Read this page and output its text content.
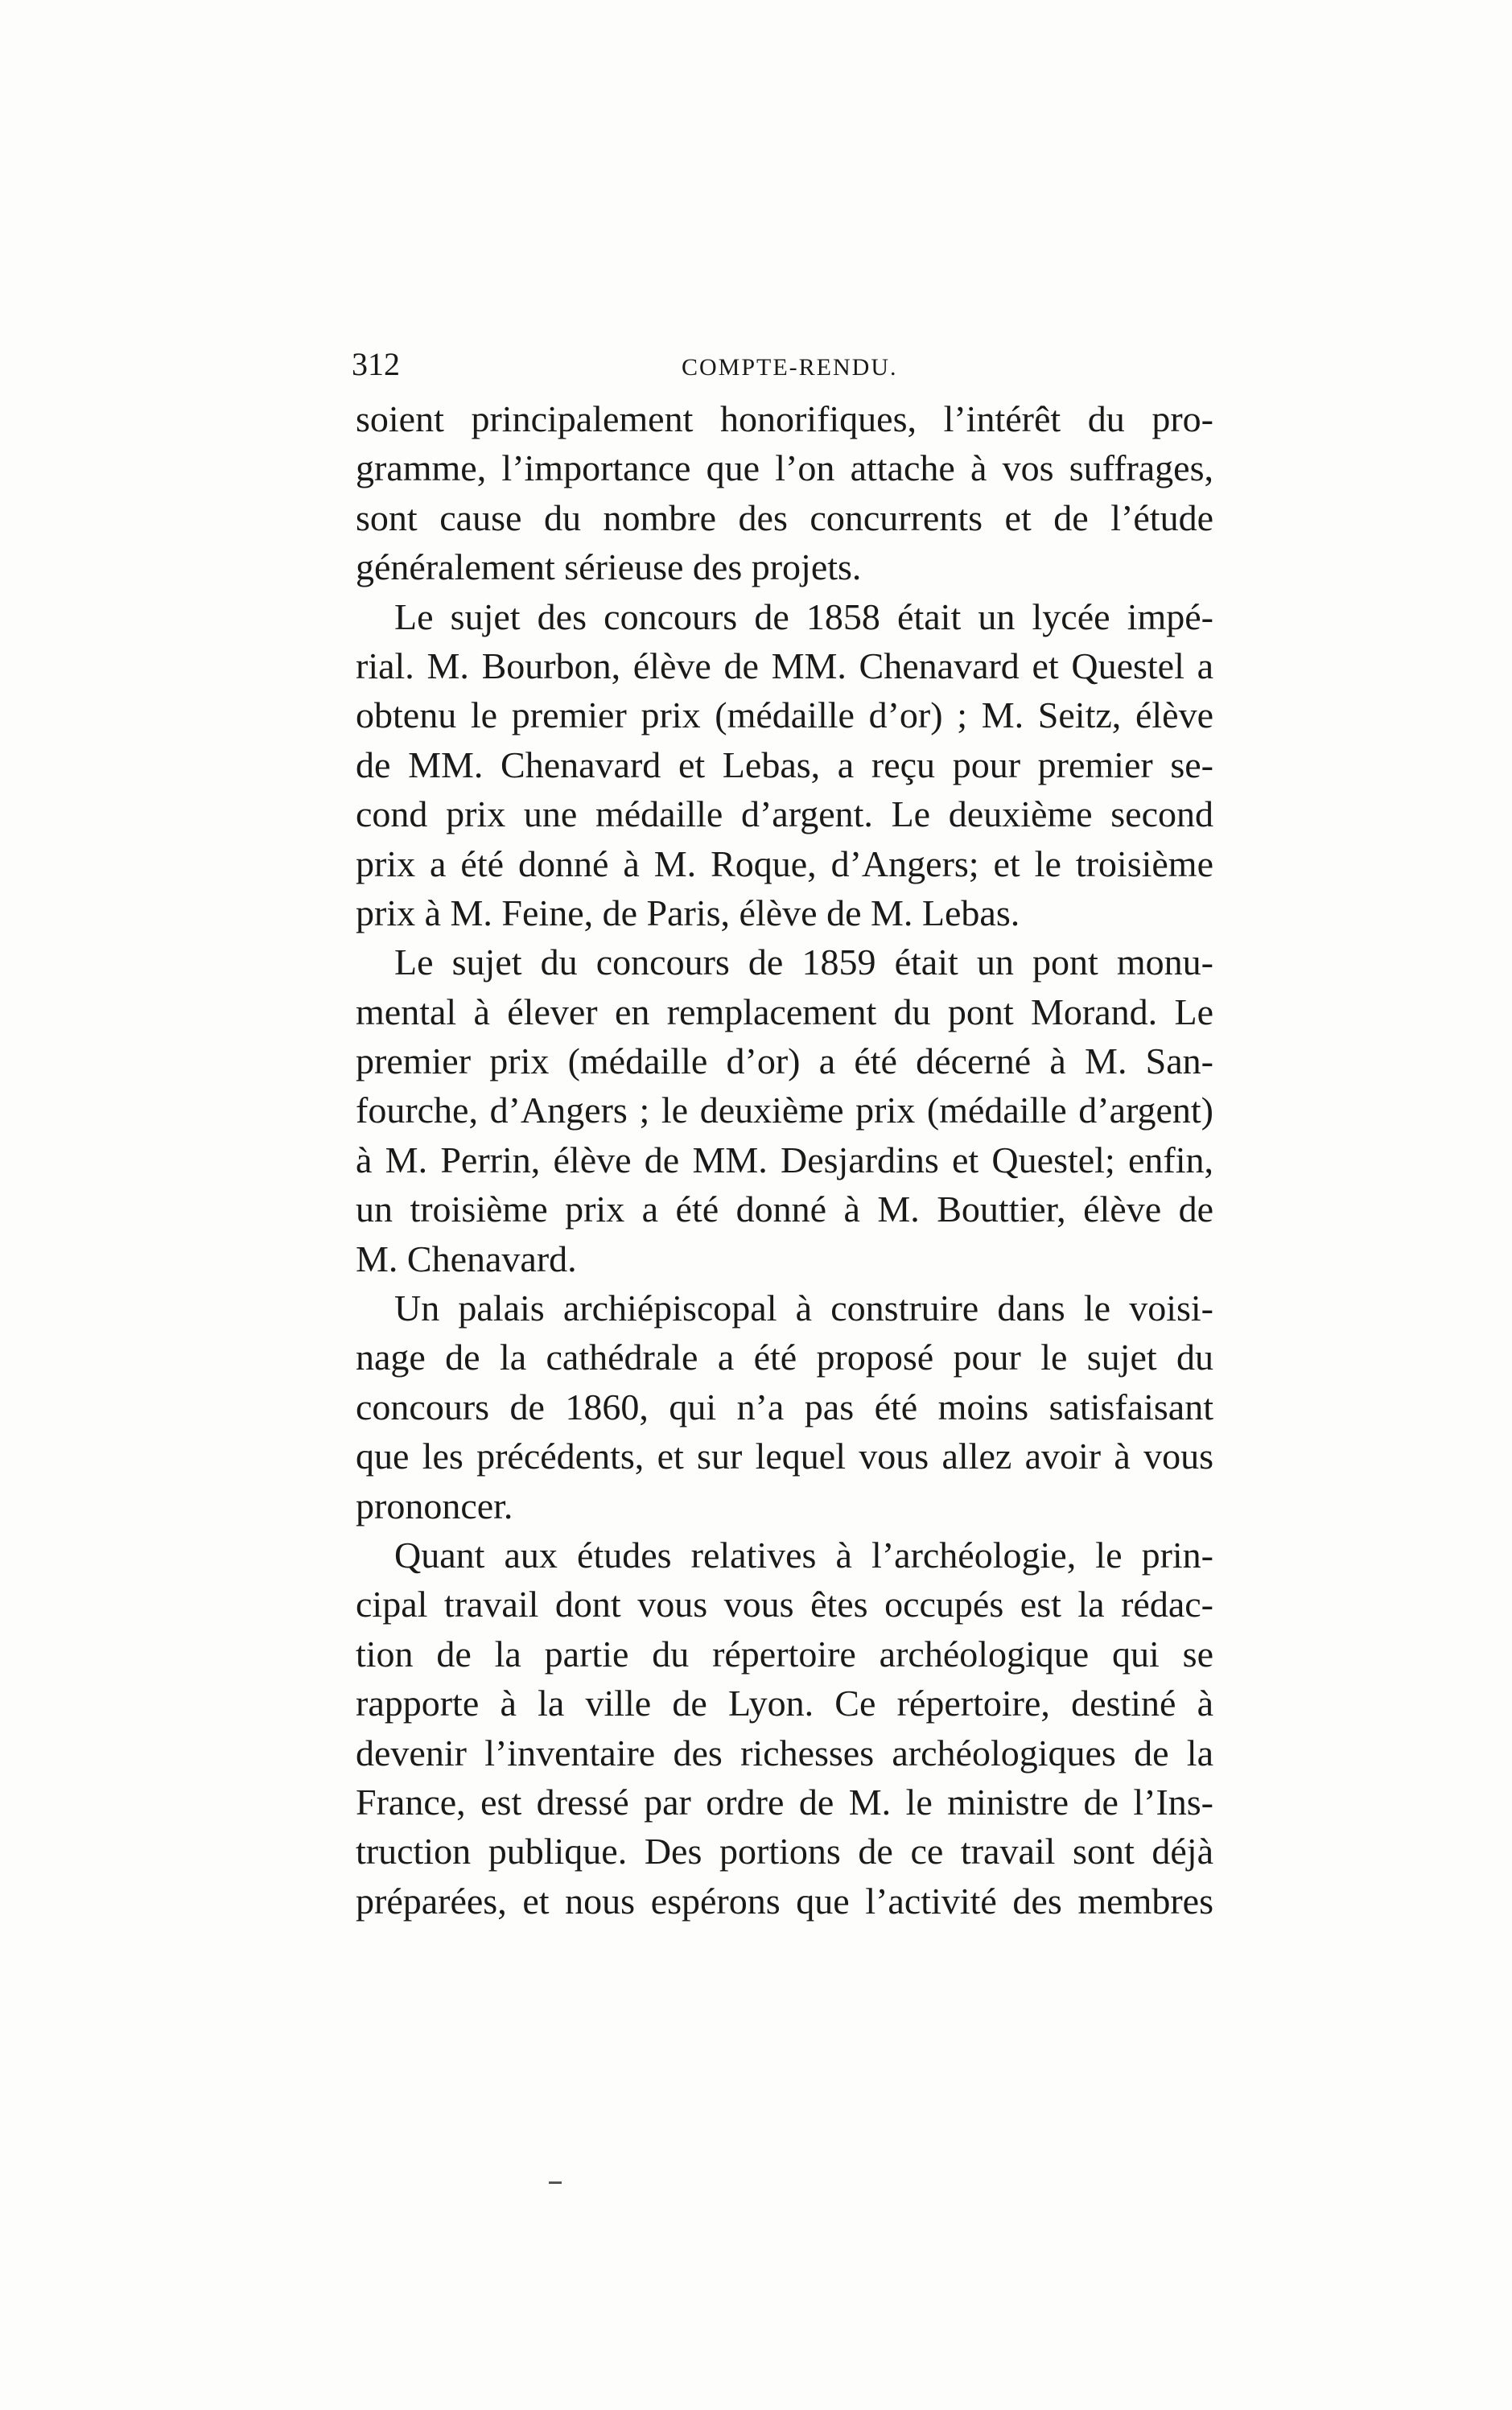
312	COMPTE-RENDU.
soient principalement honorifiques, l’intérêt du pro-
gramme, l’importance que l’on attache à vos suffrages,
sont cause du nombre des concurrents et de l’étude
généralement sérieuse des projets.
Le sujet des concours de 1858 était un lycée impé-
rial. M. Bourbon, élève de MM. Chenavard et Questel a
obtenu le premier prix (médaille d’or) ; M. Seitz, élève
de MM. Chenavard et Lebas, a reçu pour premier se-
cond prix une médaille d’argent. Le deuxième second
prix a été donné à M. Roque, d’Angers; et le troisième
prix à M. Feine, de Paris, élève de M. Lebas.
Le sujet du concours de 1859 était un pont monu-
mental à élever en remplacement du pont Morand. Le
premier prix (médaille d’or) a été décerné à M. San-
fourche, d’Angers ; le deuxième prix (médaille d’argent)
à M. Perrin, élève de MM. Desjardins et Questel; enfin,
un troisième prix a été donné à M. Bouttier, élève de
M. Chenavard.
Un palais archiépiscopal à construire dans le voisi-
nage de la cathédrale a été proposé pour le sujet du
concours de 1860, qui n’a pas été moins satisfaisant
que les précédents, et sur lequel vous allez avoir à vous
prononcer.
Quant aux études relatives à l’archéologie, le prin-
cipal travail dont vous vous êtes occupés est la rédac-
tion de la partie du répertoire archéologique qui se
rapporte à la ville de Lyon. Ce répertoire, destiné à
devenir l’inventaire des richesses archéologiques de la
France, est dressé par ordre de M. le ministre de l’Ins-
truction publique. Des portions de ce travail sont déjà
préparées, et nous espérons que l’activité des membres
